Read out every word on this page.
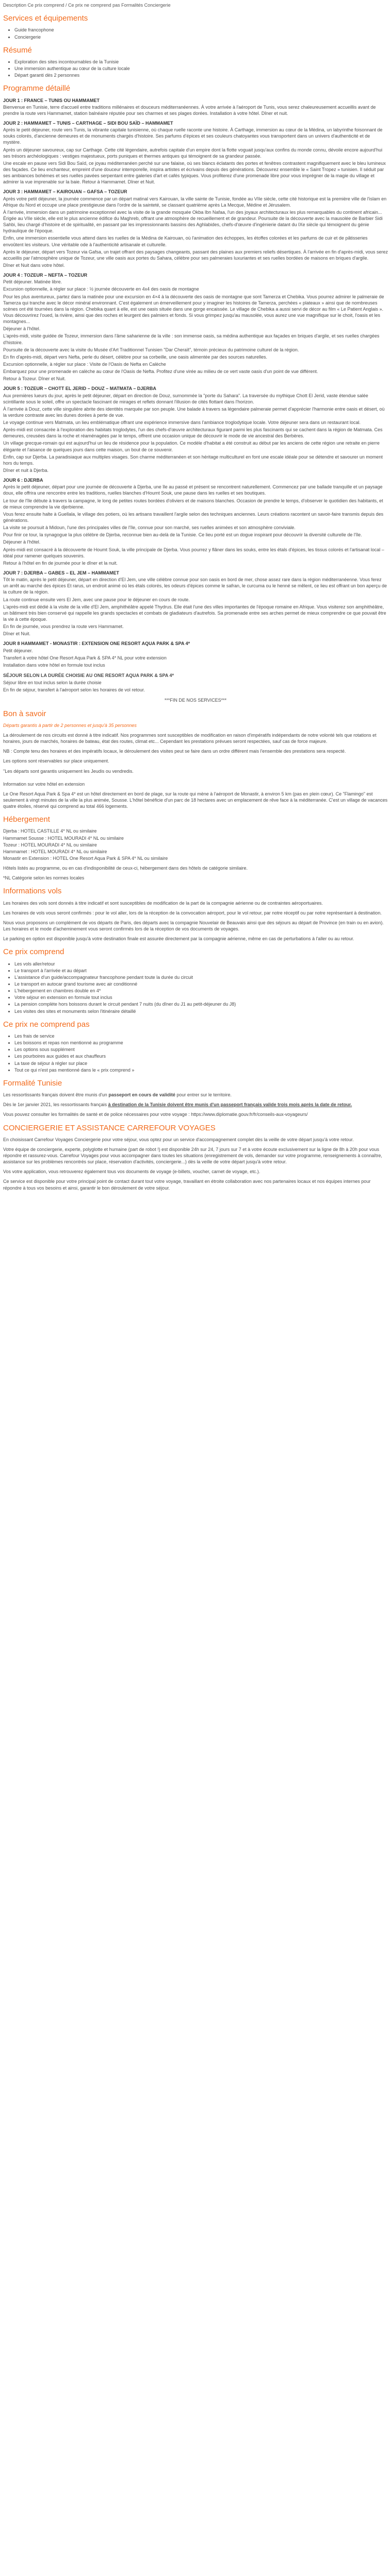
Description Ce prix comprend / Ce prix ne comprend pas Formalités Conciergerie
Services et équipements
• Guide francophone
• Conciergerie
Résumé
• Exploration des sites incontournables de la Tunisie
• Une immersion authentique au cœur de la culture locale
• Départ garanti dès 2 personnes
Programme détaillé
JOUR 1 : FRANCE – TUNIS OU HAMMAMET

Bienvenue en Tunisie, terre d'accueil entre traditions millénaires et douceurs méditerranéennes. À votre arrivée à l'aéroport de Tunis, vous serez chaleureusement accueillis avant de prendre la route vers Hammamet, station balnéaire réputée pour ses charmes et ses plages dorées. Installation à votre hôtel. Dîner et nuit.

JOUR 2 : HAMMAMET – TUNIS – CARTHAGE – SIDI BOU SAÏD – HAMMAMET

Après le petit déjeuner, route vers Tunis, la vibrante capitale tunisienne, où chaque ruelle raconte une histoire. À Carthage, immersion au cœur de la Médina, un labyrinthe foisonnant de souks colorés, d'ancienne demeures et de monuments chargés d'histoire. Ses parfums d'épices et ses couleurs chatoyantes vous transportent dans un univers d'authenticité et de mystère.

Après un déjeuner savoureux, cap sur Carthage. Cette cité légendaire, autrefois capitale d'un empire dont la flotte voguait jusqu'aux confins du monde connu, dévoile encore aujourd'hui ses trésors archéologiques : vestiges majestueux, ports puniques et thermes antiques qui témoignent de sa grandeur passée.

Une escale en pause vers Sidi Bou Saïd, ce joyau méditerranéen perché sur une falaise, où ses blancs éclatants des portes et fenêtres contrastent magnifiquement avec le bleu lumineux des façades. Ce lieu enchanteur, empreint d'une douceur intemporelle, inspira artistes et écrivains depuis des générations. Découvrez ensemble le « Saint Tropez » tunisien. Il séduit par ses ambiances bohèmes et ses ruelles pavées serpentant entre galeries d'art et cafés typiques. Vous profiterez d'une promenade libre pour vous imprégner de la magie du village et admirer la vue imprenable sur la baie. Retour à Hammamet. Dîner et Nuit.

JOUR 3 : HAMMAMET – KAIROUAN – GAFSA – TOZEUR

Après votre petit déjeuner, la journée commence par un départ matinal vers Kairouan, la ville sainte de Tunisie, fondée au VIIe siècle, cette cité historique est la première ville de l'islam en Afrique du Nord et occupe une place prestigieuse dans l'ordre de la sainteté, se classant quatrième après La Mecque, Médine et Jérusalem.

À l'arrivée, immersion dans un patrimoine exceptionnel avec la visite de la grande mosquée Okba Ibn Nafaa, l'un des joyaux architecturaux les plus remarquables du continent africain... Érigée au VIIe siècle, elle est le plus ancienne édifice du Maghreb, offrant une atmosphère de recueillement et de grandeur. Poursuite de la découverte avec la mausolée de Barbier Sidi Sahbi, lieu chargé d'histoire et de spiritualité, en passant par les impressionnants bassins des Aghlabides, chefs-d'œuvre d'ingénierie datant du IXe siècle qui témoignent du génie hydraulique de l'époque.

Enfin, une immersion essentielle vous attend dans les ruelles de la Médina de Kairouan, où l'animation des échoppes, les étoffes colorées et les parfums de cuir et de pâtisseries envoûtent les visiteurs. Une véritable ode à l'authenticité artisanale et culturelle.

Après le déjeuner, départ vers Tozeur via Gafsa, un trajet offrant des paysages changeants, passant des plaines aux premiers reliefs désertiques. À l'arrivée en fin d'après-midi, vous serez accueillis par l'atmosphère unique de Tozeur, une ville oasis aux portes du Sahara, célèbre pour ses palmeraies luxuriantes et ses ruelles bordées de maisons en briques d'argile.

Dîner et Nuit dans votre hôtel.

JOUR 4 : TOZEUR – NEFTA – TOZEUR

Petit déjeuner. Matinée libre.

Excursion optionnelle, à régler sur place : ½ journée découverte en 4x4 des oasis de montagne

Pour les plus aventureux, partez dans la matinée pour une excursion en 4×4 à la découverte des oasis de montagne que sont Tamerza et Chebika. Vous pourrez admirer le palmeraie de Tamerza qui tranche avec le décor minéral environnant. C'est également un émerveillement pour y imaginer les histoires de Tamerza, perchées « plateaux » ainsi que de nombreuses scènes ont été tournées dans la région. Chebika quant à elle, est une oasis située dans une gorge encaissée. Le village de Chebika a aussi servi de décor au film « Le Patient Anglais ». Vous découvrirez l'oued, la rivière, ainsi que des roches et leurgent des palmiers et fonds. Si vous grimpez jusqu'au mausolée, vous aurez une vue magnifique sur le choit, l'oasis et les montagnes...

Déjeuner à l'hôtel.

L'après-midi, visite guidée de Tozeur, immersion dans l'âme saharienne de la ville : son immense oasis, sa médina authentique aux façades en briques d'argile, et ses ruelles chargées d'histoire.

Poursuite de la découverte avec la visite du Musée d'Art Traditionnel Tunisien "Dar Cheraït", témoin précieux du patrimoine culturel de la région.

En fin d'après-midi, départ vers Nefta, perle du désert, célèbre pour sa corbeille, une oasis alimentée par des sources naturelles.

Excursion optionnelle, à régler sur place : Visite de l'Oasis de Nefta en Calèche

Embarquez pour une promenade en calèche au cœur de l'Oasis de Nefta. Profitez d'une virée au milieu de ce vert vaste oasis d'un point de vue différent.

Retour à Tozeur. Dîner et Nuit.

JOUR 5 : TOZEUR – CHOTT EL JERID – DOUZ – MATMATA – DJERBA

Aux premières lueurs du jour, après le petit déjeuner, départ en direction de Douz, surnommée la "porte du Sahara". La traversée du mythique Chott El Jerid, vaste étendue salée scintillante sous le soleil, offre un spectacle fascinant de mirages et reflets donnant l'illusion de cités flottant dans l'horizon.

À l'arrivée à Douz, cette ville singulière abrite des identités marquée par son peuple. Une balade à travers sa légendaire palmeraie permet d'apprécier l'harmonie entre oasis et désert, où la verdure contraste avec les dunes dorées à perte de vue.

Le voyage continue vers Matmata, un lieu emblématique offrant une expérience immersive dans l'ambiance troglodytique locale. Votre déjeuner sera dans un restaurant local.

Après-midi est consacrée à l'exploration des habitats troglodytes, l'un des chefs-d'œuvre architecturaux figurant parmi les plus fascinants qui se cachent dans la région de Matmata. Ces demeures, creusées dans la roche et réaménagées par le temps, offrent une occasion unique de découvrir le mode de vie ancestral des Berbères.

Un village grecque-romain qui est aujourd'hui un lieu de résidence pour la population. Ce modèle d'habitat a été construit au début par les anciens de cette région une retraite en pierre élégante et l'aisance de quelques jours dans cette maison, un bout de ce souvenir.

Enfin, cap sur Djerba. La paradisiaque aux multiples visages. Son charme méditerranéen et son héritage multiculturel en font une escale idéale pour se détendre et savourer un moment hors du temps.

Dîner et nuit à Djerba.

JOUR 6 : DJERBA

Après le petit déjeuner, départ pour une journée de découverte à Djerba, une île au passé et présent se rencontrent naturellement. Commencez par une ballade tranquille et un paysage doux, elle offrira une rencontre entre les traditions, ruelles blanches d'Houmt Souk, une pause dans les ruelles et ses boutiques.

Le tour de l'île débute à travers la campagne, le long de petites routes bordées d'oliviers et de maisons blanches. Occasion de prendre le temps, d'observer le quotidien des habitants, et de mieux comprendre la vie djerbienne.

Vous ferez ensuite halte à Guellala, le village des potiers, où les artisans travaillent l'argile selon des techniques anciennes. Leurs créations racontent un savoir-faire transmis depuis des générations.

La visite se poursuit à Midoun, l'une des principales villes de l'île, connue pour son marché, ses ruelles animées et son atmosphère conviviale.

Pour finir ce tour, la synagogue la plus célèbre de Djerba, reconnue bien au-delà de la Tunisie. Ce lieu porté est un dogue inspirant pour découvrir la diversité culturelle de l'île.

Déjeuner à l'hôtel.

Après-midi est consacré à la découverte de Houmt Souk, la ville principale de Djerba. Vous pourrez y flâner dans les souks, entre les étals d'épices, les tissus colorés et l'artisanat local – idéal pour ramener quelques souvenirs.

Retour à l'hôtel en fin de journée pour le dîner et la nuit.

JOUR 7 : DJERBA – GABES – EL JEM – HAMMAMET

Tôt le matin, après le petit déjeuner, départ en direction d'El Jem, une ville célèbre connue pour son oasis en bord de mer, chose assez rare dans la région méditerranéenne. Vous ferez un arrêt au marché des épices Et rarus, un endroit animé où les étals colorés, les odeurs d'épices comme le safran, le curcuma ou le henné se mêlent, ce lieu est offrant un bon aperçu de la culture de la région.

La route continue ensuite vers El Jem, avec une pause pour le déjeuner en cours de route.

L'après-midi est dédié à la visite de la ville d'El Jem, amphithéâtre appelé Thydrus. Elle était l'une des villes importantes de l'époque romaine en Afrique. Vous visiterez son amphithéâtre, un bâtiment très bien conservé qui rappelle les grands spectacles et combats de gladiateurs d'autrefois. Sa promenade entre ses arches permet de mieux comprendre ce que pouvait être la vie à cette époque.

En fin de journée, vous prendrez la route vers Hammamet.

Dîner et Nuit.

JOUR 8 HAMMAMET - MONASTIR : EXTENSION ONE RESORT AQUA PARK & SPA 4*

Petit déjeuner.

Transfert à votre hôtel One Resort Aqua Park & SPA 4* NL pour votre extension

Installation dans votre hôtel en formule tout inclus

SÉJOUR SELON LA DURÉE CHOISIE AU ONE RESORT AQUA PARK & SPA 4*

Séjour libre en tout inclus selon la durée choisie

En fin de séjour, transfert à l'aéroport selon les horaires de vol retour.

***FIN DE NOS SERVICES***

Bon à savoir

Départs garantis à partir de 2 personnes et jusqu'à 35 personnes

La déroulement de nos circuits est donné à titre indicatif. Nos programmes sont susceptibles de modification en raison d'impératifs indépendants de notre volonté tels que rotations et horaires, jours de marchés, horaires de bateau, état des routes, climat etc... Cependant les prestations prévues seront respectées, sauf cas de force majeure.

NB : Compte tenu des horaires et des impératifs locaux, le déroulement des visites peut se faire dans un ordre différent mais l'ensemble des prestations sera respecté.

Les options sont réservables sur place uniquement.

"Les départs sont garantis uniquement les Jeudis ou vendredis.

Information sur votre hôtel en extension

Le One Resort Aqua Park & Spa 4* est un hôtel directement en bord de plage, sur la route qui mène à l'aéroport de Monastir, à environ 5 km (pas en plein cœur). Ce "Flamingo" est seulement à vingt minutes de la ville la plus animée, Sousse. L'hôtel bénéficie d'un parc de 18 hectares avec un emplacement de rêve face à la méditerranée. C'est un village de vacances quatre étoiles, réservé qui comprend au total 466 logements.

Hébergement

Djerba : HOTEL CASTILLE 4* NL ou similaire

Hammamet Sousse : HOTEL MOURADI 4* NL ou similaire

Tozeur : HOTEL MOURADI 4* NL ou similaire

Hammamet : HOTEL MOURADI 4* NL ou similaire

Monastir en Extension : HOTEL One Resort Aqua Park & SPA 4* NL ou similaire

Hôtels listés au programme, ou en cas d'indisponibilité de ceux-ci, hébergement dans des hôtels de catégorie similaire.

*NL Catégorie selon les normes locales

Informations vols

Les horaires des vols sont donnés à titre indicatif et sont susceptibles de modification de la part de la compagnie aérienne ou de contraintes aéroportuaires.

Les horaires de vols vous seront confirmés : pour le vol aller, lors de la réception de la convocation aéroport, pour le vol retour, par notre réceptif ou par notre représentant à destination.

Nous vous proposons un complément de vos départs de Paris, des départs avec la compagnie Nouvelair de Beauvais ainsi que des séjours au départ de Province (en train ou en avion). Les horaires et le mode d'acheminement vous seront confirmés lors de la réception de vos documents de voyages.

Le parking en option est disponible jusqu'à votre destination finale est assurée directement par la compagnie aérienne, même en cas de perturbations à l'aller ou au retour.

Ce prix comprend
• Les vols aller/retour
• Le transport à l'arrivée et au départ
• L'assistance d'un guide/accompagnateur francophone pendant toute la durée du circuit
• Le transport en autocar grand tourisme avec air conditionné
• L'hébergement en chambres double en 4*
• Votre séjour en extension en formule tout inclus
• La pension complète hors boissons durant le circuit pendant 7 nuits (du dîner du J1 au petit-déjeuner du J8)
• Les visites des sites et monuments selon l'itinéraire détaillé
Ce prix ne comprend pas
• Les frais de service
• Les boissons et repas non mentionné au programme
• Les options sous supplément
• Les pourboires aux guides et aux chauffeurs
• La taxe de séjour à régler sur place
• Tout ce qui n'est pas mentionné dans le « prix comprend »
Formalité Tunisie

Les ressortissants français doivent être munis d'un passeport en cours de validité pour entrer sur le territoire.

Dès le 1er janvier 2021, les ressortissants français à destination de la Tunisie doivent être munis d'un passeport français valide trois mois après la date de retour.

Vous pouvez consulter les formalités de santé et de police nécessaires pour votre voyage : https://www.diplomatie.gouv.fr/fr/conseils-aux-voyageurs/

CONCIERGERIE ET ASSISTANCE CARREFOUR VOYAGES

En choisissant Carrefour Voyages Conciergerie pour votre séjour, vous optez pour un service d'accompagnement complet dès la veille de votre départ jusqu'à votre retour.

Votre équipe de conciergerie, experte, polyglotte et humaine (part de robot !) est disponible 24h sur 24, 7 jours sur 7 et à votre écoute exclusivement sur la ligne de 8h à 20h pour vous répondre et rassurez-vous. Carrefour Voyages pour vous accompagner dans toutes les situations (enregistrement de vols, demander sur votre programme, renseignements à connaître, assistance sur les problèmes rencontrés sur place, réservation d'activités, conciergerie...) dès la veille de votre départ jusqu'à votre retour.

Vos votre application, vous retrouverez également tous vos documents de voyage (e-billets, voucher, carnet de voyage, etc.).

Ce service est disponible pour votre principal point de contact durant tout votre voyage, travaillant en étroite collaboration avec nos partenaires locaux et nos équipes internes pour répondre à tous vos besoins et ainsi, garantir le bon déroulement de votre séjour.
